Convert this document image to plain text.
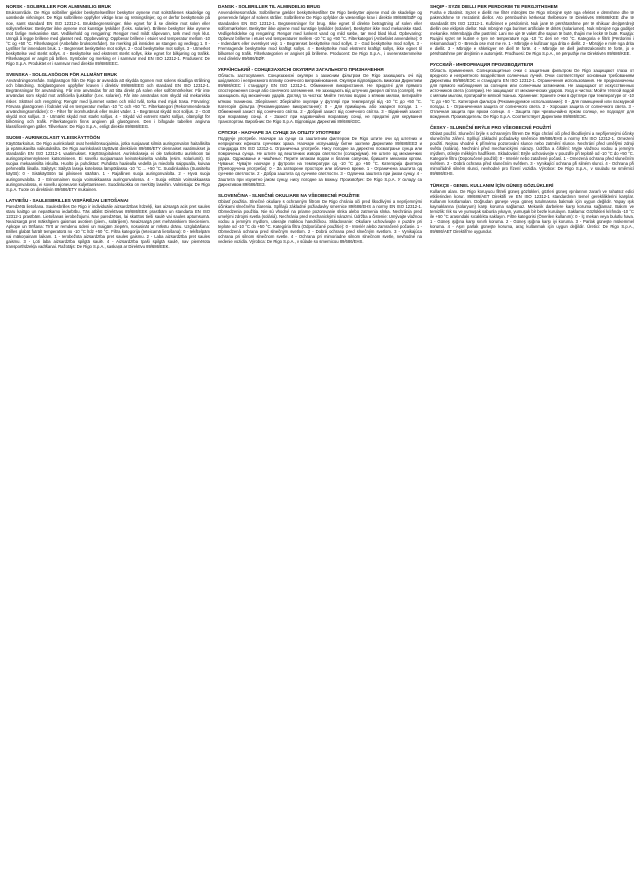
NORSK - SOLBRILLER FOR ALMINNELIG BRUK

Bruksområde. De Rigo solbriller gjelder beskyttelsesfilter beskytter øynene mot solstrålenes skadelige og uønskede virkninger. De Rigo solbrillene oppfyller viktige krav og retningslinjer, og er derfor beskyttende på noe, samt standard EN ISO 12312-1. Bruksbegrensninger. Ikke egnet for å se direkte mot solen eller sollysreflekser. Beskytter ikke øynene mot kunstige lyskilder (f.eks. solarier). Brillene beskytter ikke øynene mot farlige mekaniske støt. Vedlikehold og rengjøring: Rengjør med mildt såpevann, tørk med myk klut. Unngå å legge brillene med glasset ned. Oppbevaring: Oppbevar brillene i etuiet ved temperatur mellom -10 °C og +50 °C. Filterkategori (Anbefalte bruksområder). Se merking på innsiden av stangen og vedlegg 1. 0 - Lysfilter for innendørs bruk. 1 - Begrenset beskyttelse mot sollys. 2 - God beskyttelse mot sollys. 3 - Utmerket beskyttelse ved sterkt sollys. 4 - Beskyttelse ved ekstremt sterkt sollys, ikke egnet for bilkjøring og trafikk. Filterkategori er angitt på brillen. Symboler og merking er i samsvar med EN ISO 12312-1. Produsent: De Rigo S.p.A. Produktet er i samsvar med direktiv 89/686/EEC.

SVENSKA - SOLGLASÖGON FÖR ALLMÄNT BRUK

Användningsområde. Solglasögon från De Rigo är avsedda att skydda ögonen mot solens skadliga strålning och bländning. Solglasögonen uppfyller kraven i direktiv 89/686/EEG och standard EN ISO 12312-1. Begränsningar för användning. Får inte användas för att titta direkt på solen eller solförmörkelser. Får inte användas som skydd mot artificiella ljuskällor (t.ex. solarier). Får inte användas som skydd vid mekaniska risker. Skötsel och rengöring: Rengör med ljummet vatten och mild tvål, torka med mjuk trasa. Förvaring: Förvara glasögonen i fodralet vid en temperatur mellan -10 °C och +50 °C. Filterkategori (Rekommenderade användningsområden): 0 - Filter för inomhusbruk eller mulet väder. 1 - Begränsat skydd mot solljus. 2 - Gott skydd mot solljus. 3 - Utmärkt skydd mot starkt solljus. 4 - Skydd vid extremt starkt solljus, olämpligt för bilkörning och trafik. Filterkategorin finns angiven på glasögonen. Den i bifogade tabellen angivna klassificeringen gäller. Tillverkare: De Rigo S.p.A., enligt direktiv 89/686/EEG.

SUOMI - AURINKOLASIT YLEISKÄYTTÖÖN

Käyttötarkoitus. De Rigo aurinkolasit ovat henkilönsuojaimia, jotka suojaavat silmiä auringonvalon haitallisilta ja epämukavilta vaikutuksilta. De Rigo aurinkolasit täyttävät direktiivin 89/686/ETY olennaiset vaatimukset ja standardin EN ISO 12312-1 vaatimukset. Käyttörajoitukset. Aurinkolaseja ei ole tarkoitettu aurinkoon tai auringonpimennykseen katsomiseen. Ei sovellu suojaamaan keinotekoiselta valolta (esim. solariumit). Ei suojaa mekaanisilta iskuilta. Huolto ja puhdistus: Puhdista haalealla vedellä ja miedolla saippualla, kuivaa pehmeällä liinalla. Säilytys: Säilytä laseja kotelossa lämpötilassa -10 °C ... +50 °C. Suodinluokka (Suositeltu käyttö): 0 - Sisäkäyttöön tai pilviseen säähän. 1 - Rajallinen suoja auringonvalolta. 2 - Hyvä suoja auringonvalolta. 3 - Erinomainen suoja voimakkaassa auringonvalossa. 4 - Suoja erittäin voimakkaassa auringonvalossa, ei sovellu ajoneuvon kuljettamiseen. Suodinluokka on merkitty laseihin. Valmistaja: De Rigo S.p.A. Tuote on direktiivin 89/686/ETY mukainen.

LATVIEŠU - SAULESBRILLES VISPĀRĒJAI LIETOŠANAI

Paredzētā lietošana. Saulesbrilles De Rigo ir individuālie aizsardzības līdzekļi, kas aizsargā acis pret saules staru kaitīgo un nepatīkamo iedarbību. Tās atbilst Direktīvas 89/686/EEK prasībām un standarta EN ISO 12312-1 prasībām. Lietošanas ierobežojumi. Nav paredzētas, lai skatītos tieši saulē vai saules aptumsumā. Neaizsargā pret mākslīgiem gaismas avotiem (piem., solārijiem). Neaizsargā pret mehāniskiem triecieniem. Apkope un tīrīšana: Tīrīt ar remdenu ūdeni un maigām ziepēm, nosusināt ar mīkstu drānu. Uzglabāšana: Brilles glabāt futrālī temperatūrā no -10 °C līdz +50 °C. Filtra kategorija (Ieteicamā lietošana): 0 - Iekštelpām vai mākoņainam laikam. 1 - Ierobežota aizsardzība pret saules gaismu. 2 - Laba aizsardzība pret saules gaismu. 3 - Ļoti laba aizsardzība spilgtā saulē. 4 - Aizsardzība īpaši spilgtā saulē, nav piemērota transportlīdzekļa vadīšanai. Ražotājs: De Rigo S.p.A., saskaņā ar Direktīvu 89/686/EEK.

DANSK - SOLBRILLER TIL ALMINDELIG BRUG

Anvendelsesområde. Solbrillerne gælder beskyttelsesfilter De Rigo beskytter øjnene mod de skadelige og generende følger af solens stråler. Solbrillerne De Rigo opfylder de væsentlige krav i direktiv 89/686/EØF og standarden EN ISO 12312-1. Begrænsninger for brug. Ikke egnet til direkte betragtning af solen eller solformørkelser. Beskytter ikke øjnene mod kunstige lyskilder (solarier). Beskytter ikke mod mekaniske stød. Vedligeholdelse og rengøring: Rengør med lunkent vand og mild sæbe, tør med blød klud. Opbevaring: Opbevar brillerne i etuiet ved temperaturer mellem -10 °C og +50 °C. Filterkategori (Anbefalet anvendelse): 0 - Indendørs eller overskyet vejr. 1 - Begrænset beskyttelse mod sollys. 2 - God beskyttelse mod sollys. 3 - Fremragende beskyttelse mod kraftigt sollys. 4 - Beskyttelse mod ekstremt kraftigt sollys, ikke egnet til bilkørsel og trafik. Filterkategorien er angivet på brillerne. Producent: De Rigo S.p.A., i overensstemmelse med direktiv 89/686/EØF.

УКРАЇНСЬКИЙ - СОНЦЕЗАХИСНІ ОКУЛЯРИ ЗАГАЛЬНОГО ПРИЗНАЧЕННЯ

Область застосування. Сонцезахисні окуляри з захисним фільтром De Rigo захищають очі від шкідливого і неприємного впливу сонячного випромінювання. Окуляри відповідають вимогам Директиви 89/686/ЄЕС і стандарту EN ISO 12312-1. Обмеження використання. Не придатні для прямого спостереження сонця або сонячного затемнення. Не захищають від штучних джерел світла (солярії). Не захищають від механічних ударів. Догляд та чистка: Мийте теплою водою з м'яким милом, витирайте м'якою тканиною. Зберігання: Зберігайте окуляри у футлярі при температурі від -10 °C до +50 °C. Категорія фільтра (Рекомендоване використання): 0 - Для приміщень або хмарної погоди. 1 - Обмежений захист від сонячного світла. 2 - Добрий захист від сонячного світла. 3 - Відмінний захист при яскравому сонці. 4 - Захист при надзвичайно яскравому сонці, не придатні для керування транспортом. Виробник: De Rigo S.p.A. Відповідає Директиві 89/686/ЄЕС.

СРПСКИ - НАОЧАРЕ ЗА СУНЦЕ ЗА ОПШТУ УПОТРЕБУ

Подручје употребе. Наочаре за сунце са заштитним филтером De Rigo штите очи од штетних и непријатних ефеката сунчевих зрака. Наочаре испуњавају битне захтеве Директиве 89/686/ЕЕЗ и стандарда EN ISO 12312-1. Ограничења употребе. Нису погодне за директно посматрање сунца или помрачења сунца. Не штите од вештачких извора светлости (соларијуми). Не штите од механичких удара. Одржавање и чишћење: Перите млаком водом и благим сапуном, бришите меканом крпом. Чување: Чувајте наочаре у футроли на температури од -10 °C до +50 °C. Категорија филтера (Препоручена употреба): 0 - За затворене просторе или облачно време. 1 - Ограничена заштита од сунчеве светлости. 2 - Добра заштита од сунчеве светлости. 3 - Одлична заштита при јаком сунцу. 4 - Заштита при изузетно јаком сунцу, нису погодне за вожњу. Произвођач: De Rigo S.p.A. У складу са Директивом 89/686/ЕЕЗ.

SLOVENČINA - SLNEČNÉ OKULIARE NA VŠEOBECNÉ POUŽITIE

Oblasť použitia. Slnečné okuliare s ochranným filtrom De Rigo chránia oči pred škodlivými a nepríjemnými účinkami slnečného žiarenia. Spĺňajú základné požiadavky smernice 89/686/EHS a normy EN ISO 12312-1. Obmedzenia použitia. Nie sú vhodné na priame pozorovanie slnka alebo zatmenia slnka. Nechránia pred umelými zdrojmi svetla (soláriá). Nechránia pred mechanickými nárazmi. Údržba a čistenie: Umývajte vlažnou vodou a jemným mydlom, utierajte mäkkou handričkou. Skladovanie: Okuliare uchovávajte v puzdre pri teplote od -10 °C do +50 °C. Kategória filtra (Odporúčané použitie): 0 - Interiér alebo zamračené počasie. 1 - Obmedzená ochrana pred slnečným svetlom. 2 - Dobrá ochrana pred slnečným svetlom. 3 - Vynikajúca ochrana pri silnom slnečnom svetle. 4 - Ochrana pri mimoriadne silnom slnečnom svetle, nevhodné na vedenie vozidla. Výrobca: De Rigo S.p.A., v súlade so smernicou 89/686/EHS.

SHQIP - SYZE DIELLI PER PERDORIM TE PERGJITHSHEM

Fusha e zbatimit. Syzet e diellit me filtër mbrojtës De Rigo mbrojnë sytë nga efektet e dëmshme dhe të pakëndshme të rrezatimit diellor. Ato përmbushin kërkesat thelbësore të Direktivës 89/686/KEE dhe të standardit EN ISO 12312-1. Kufizimet e përdorimit. Nuk janë të përshtatshme për të shikuar drejtpërdrejt diellin ose eklipsin diellor. Nuk mbrojnë nga burimet artificiale të dritës (solariumet). Nuk mbrojnë nga goditjet mekanike. Mirëmbajtja dhe pastrimi: Lani me ujë të vakët dhe sapun të butë, thajini me leckë të butë. Ruajtja: Ruajini syzet në kutinë e tyre në temperaturë nga -10 °C deri në +50 °C. Kategoria e filtrit (Përdorimi i rekomanduar): 0 - Brenda ose mot me re. 1 - Mbrojtje e kufizuar nga drita e diellit. 2 - Mbrojtje e mirë nga drita e diellit. 3 - Mbrojtje e shkëlqyer në diell të fortë. 4 - Mbrojtje në diell jashtëzakonisht të fortë, jo e përshtatshme për drejtimin e automjetit. Prodhuesi: De Rigo S.p.A., në përputhje me Direktivën 89/686/KEE.

РУССКИЙ - ИНФОРМАЦИЯ ПРОИЗВОДИТЕЛЯ

Область применения. Солнцезащитные очки с защитным фильтром De Rigo защищают глаза от вредного и неприятного воздействия солнечных лучей. Очки соответствуют основным требованиям Директивы 89/686/ЕЭС и стандарта EN ISO 12312-1. Ограничения использования. Не предназначены для прямого наблюдения за солнцем или солнечным затмением. Не защищают от искусственных источников света (солярии). Не защищают от механических ударов. Уход и чистка: Мойте тёплой водой с мягким мылом, протирайте мягкой тканью. Хранение: Храните очки в футляре при температуре от -10 °C до +50 °C. Категория фильтра (Рекомендуемое использование): 0 - Для помещений или пасмурной погоды. 1 - Ограниченная защита от солнечного света. 2 - Хорошая защита от солнечного света. 3 - Отличная защита при ярком солнце. 4 - Защита при чрезвычайно ярком солнце, не подходят для вождения. Производитель: De Rigo S.p.A. Соответствует Директиве 89/686/ЕЭС.

ČESKY - SLUNEČNÍ BRÝLE PRO VŠEOBECNÉ POUŽITÍ

Oblast použití. Sluneční brýle s ochranným filtrem De Rigo chrání oči před škodlivými a nepříjemnými účinky slunečního záření. Splňují základní požadavky směrnice 89/686/EHS a normy EN ISO 12312-1. Omezení použití. Nejsou vhodné k přímému pozorování slunce nebo zatmění slunce. Nechrání před umělými zdroji světla (solária). Nechrání před mechanickými nárazy. Údržba a čištění: Myjte vlažnou vodou a jemným mýdlem, otírejte měkkým hadříkem. Skladování: Brýle uchovávejte v pouzdře při teplotě od -10 °C do +50 °C. Kategorie filtru (Doporučené použití): 0 - Interiér nebo zatažené počasí. 1 - Omezená ochrana před slunečním světlem. 2 - Dobrá ochrana před slunečním světlem. 3 - Vynikající ochrana při silném slunci. 4 - Ochrana při mimořádně silném slunci, nevhodné pro řízení vozidla. Výrobce: De Rigo S.p.A., v souladu se směrnicí 89/686/EHS.

TÜRKÇE - GENEL KULLANIM İÇİN GÜNEŞ GÖZLÜKLERİ

Kullanım alanı. De Rigo koruyucu filtreli güneş gözlükleri, gözleri güneş ışınlarının zararlı ve rahatsız edici etkilerinden korur. 89/686/AET Direktifi ve EN ISO 12312-1 standardının temel gerekliliklerini karşılar. Kullanım kısıtlamaları. Doğrudan güneşe veya güneş tutulmasına bakmak için uygun değildir. Yapay ışık kaynaklarına (solaryum) karşı koruma sağlamaz. Mekanik darbelere karşı koruma sağlamaz. Bakım ve temizlik: Ilık su ve yumuşak sabunla yıkayın, yumuşak bir bezle kurulayın. Saklama: Gözlükleri kılıfında -10 °C ile +50 °C arasındaki sıcaklıkta saklayın. Filtre kategorisi (Önerilen kullanım): 0 - İç mekan veya bulutlu hava. 1 - Güneş ışığına karşı sınırlı koruma. 2 - Güneş ışığına karşı iyi koruma. 3 - Parlak güneşte mükemmel koruma. 4 - Aşırı parlak güneşte koruma, araç kullanmak için uygun değildir. Üretici: De Rigo S.p.A., 89/686/AET Direktifi'ne uygundur.
